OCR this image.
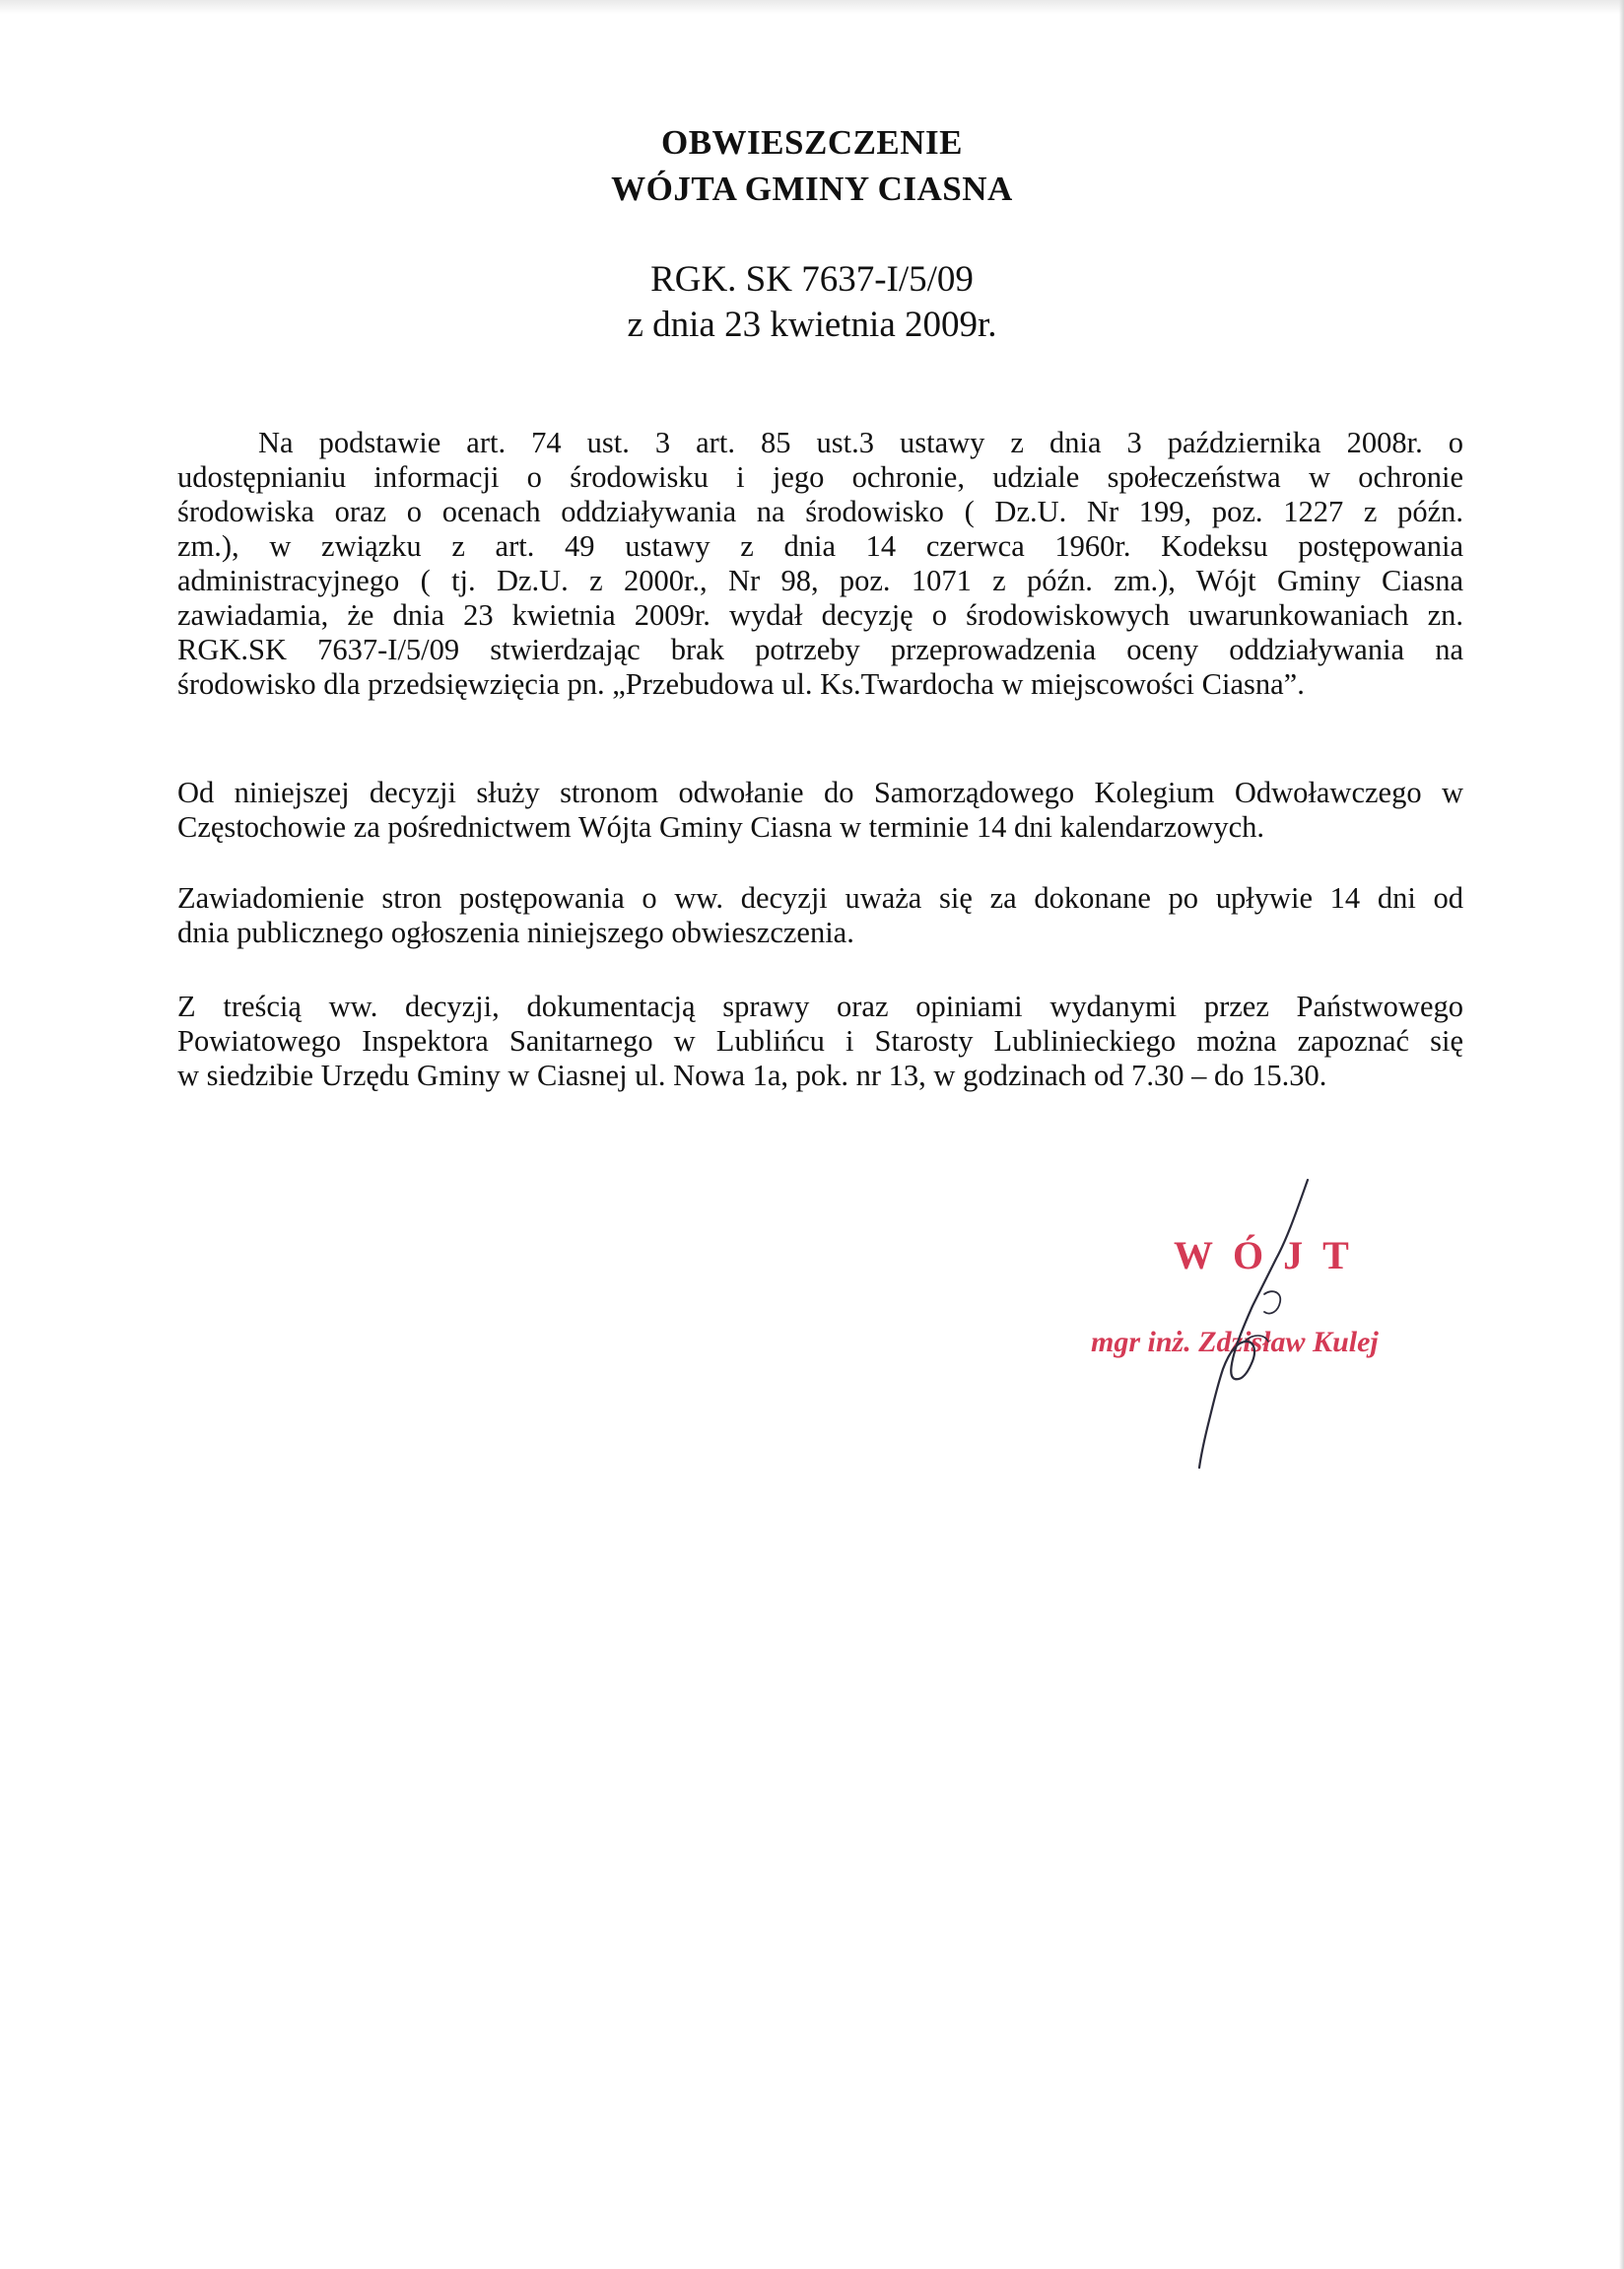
OBWIESZCZENIE
WÓJTA GMINY CIASNA
RGK. SK 7637-I/5/09
z dnia 23 kwietnia 2009r.
Na podstawie art. 74 ust. 3 art. 85 ust.3 ustawy z dnia 3 października 2008r. o
udostępnianiu informacji o środowisku i jego ochronie, udziale społeczeństwa w ochronie
środowiska oraz o ocenach oddziaływania na środowisko ( Dz.U. Nr 199, poz. 1227 z późn.
zm.), w związku z art. 49 ustawy z dnia 14 czerwca 1960r. Kodeksu postępowania
administracyjnego ( tj. Dz.U. z 2000r., Nr 98, poz. 1071 z późn. zm.), Wójt Gminy Ciasna
zawiadamia, że dnia 23 kwietnia 2009r. wydał decyzję o środowiskowych uwarunkowaniach zn.
RGK.SK 7637-I/5/09 stwierdzając brak potrzeby przeprowadzenia oceny oddziaływania na
środowisko dla przedsięwzięcia pn. „Przebudowa ul. Ks.Twardocha w miejscowości Ciasna”.
Od niniejszej decyzji służy stronom odwołanie do Samorządowego Kolegium Odwoławczego w
Częstochowie za pośrednictwem Wójta Gminy Ciasna w terminie 14 dni kalendarzowych.
Zawiadomienie stron postępowania o ww. decyzji uważa się za dokonane po upływie 14 dni od
dnia publicznego ogłoszenia niniejszego obwieszczenia.
Z treścią ww. decyzji, dokumentacją sprawy oraz opiniami wydanymi przez Państwowego
Powiatowego Inspektora Sanitarnego w Lublińcu i Starosty Lublinieckiego można zapoznać się
w siedzibie Urzędu Gminy w Ciasnej ul. Nowa 1a, pok. nr 13, w godzinach od 7.30 – do 15.30.
WÓJT
mgr inż. Zdzisław Kulej
